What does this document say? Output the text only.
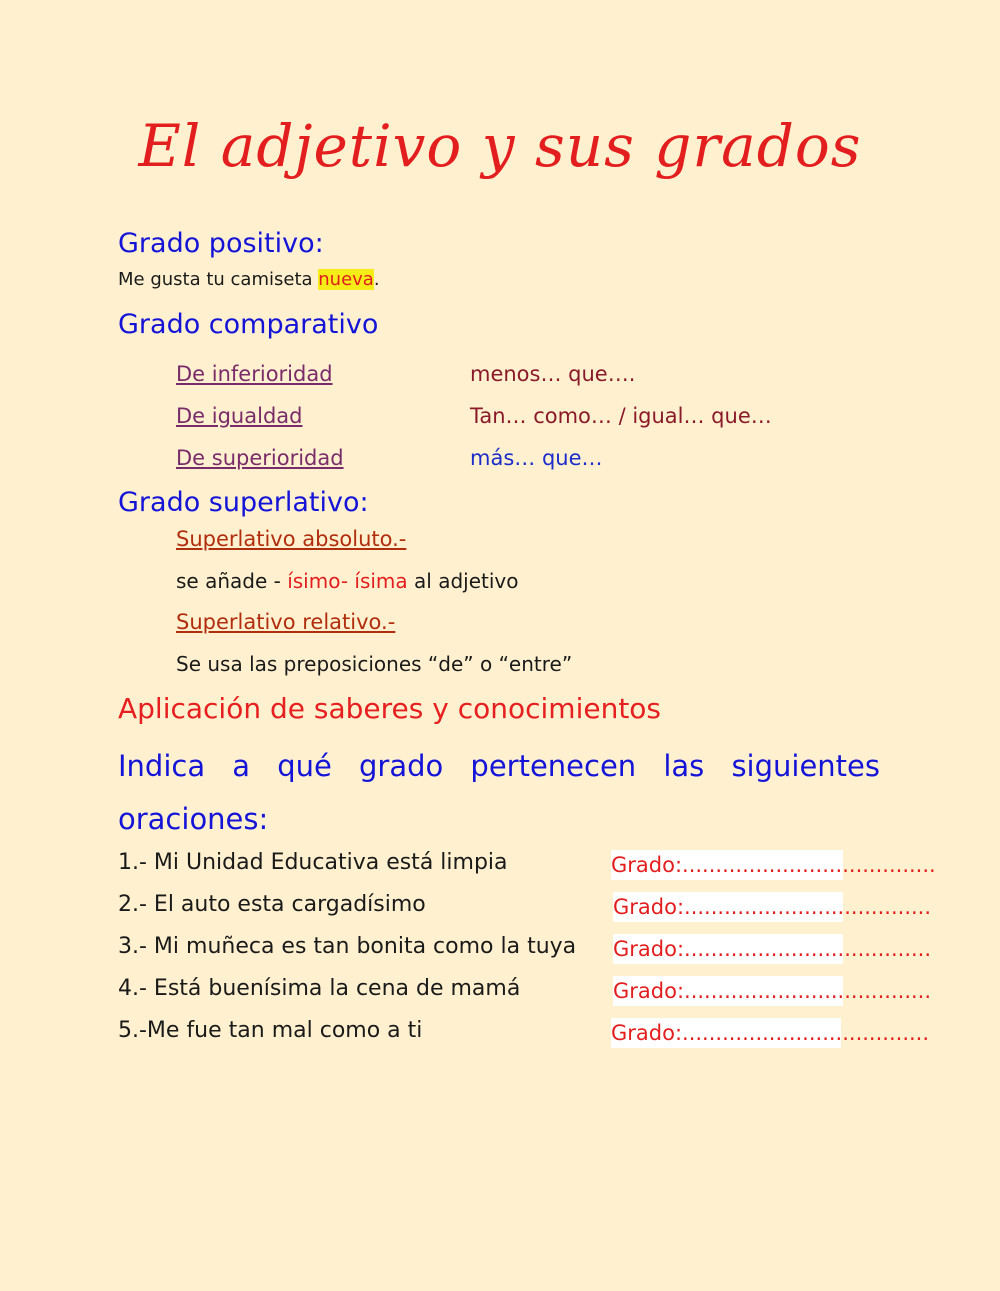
El adjetivo y sus grados
Grado positivo:
Me gusta tu camiseta nueva.
Grado comparativo
De inferioridad	menos… que….
De igualdad	Tan… como… / igual… que…
De superioridad	más… que…
Grado superlativo:
Superlativo absoluto.-
se añade - ísimo- ísima al adjetivo
Superlativo relativo.-
Se usa las preposiciones “de” o “entre”
Aplicación de saberes y conocimientos
Indica a qué grado pertenecen las siguientes oraciones:
1.- Mi Unidad Educativa está limpia	Grado:......................................
2.- El auto esta cargadísimo	Grado:.....................................
3.- Mi muñeca es tan bonita como la tuya Grado:.....................................
4.- Está buenísima la cena de mamá	Grado:.....................................
5.-Me fue tan mal como a ti	Grado:.....................................
